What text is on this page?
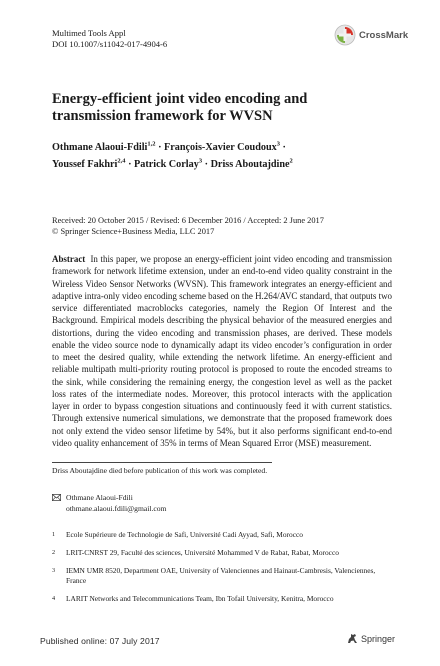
Multimed Tools Appl
DOI 10.1007/s11042-017-4904-6
CrossMark
Energy-efficient joint video encoding and transmission framework for WVSN
Othmane Alaoui-Fdili$^{1,2}$ · François-Xavier Coudoux$^3$ ·
Youssef Fakhri$^{2,4}$ · Patrick Corlay$^3$ · Driss Aboutajdine$^2$
Received: 20 October 2015 / Revised: 6 December 2016 / Accepted: 2 June 2017
© Springer Science+Business Media, LLC 2017
Abstract In this paper, we propose an energy-efficient joint video encoding and transmission framework for network lifetime extension, under an end-to-end video quality constraint in the Wireless Video Sensor Networks (WVSN). This framework integrates an energy-efficient and adaptive intra-only video encoding scheme based on the H.264/AVC standard, that outputs two service differentiated macroblocks categories, namely the Region Of Interest and the Background. Empirical models describing the physical behavior of the measured energies and distortions, during the video encoding and transmission phases, are derived. These models enable the video source node to dynamically adapt its video encoder’s configuration in order to meet the desired quality, while extending the network lifetime. An energy-efficient and reliable multipath multi-priority routing protocol is proposed to route the encoded streams to the sink, while considering the remaining energy, the congestion level as well as the packet loss rates of the intermediate nodes. Moreover, this protocol interacts with the application layer in order to bypass congestion situations and continuously feed it with current statistics. Through extensive numerical simulations, we demonstrate that the proposed framework does not only extend the video sensor lifetime by 54%, but it also performs significant end-to-end video quality enhancement of 35% in terms of Mean Squared Error (MSE) measurement.
Driss Aboutajdine died before publication of this work was completed.
Othmane Alaoui-Fdili
othmane.alaoui.fdili@gmail.com
1	Ecole Supérieure de Technologie de Safi, Université Cadi Ayyad, Safi, Morocco
2	LRIT-CNRST 29, Faculté des sciences, Université Mohammed V de Rabat, Rabat, Morocco
3	IEMN UMR 8520, Department OAE, University of Valenciennes and Hainaut-Cambresis, Valenciennes, France
4	LARIT Networks and Telecommunications Team, Ibn Tofail University, Kenitra, Morocco
Published online: 07 July 2017	Springer
